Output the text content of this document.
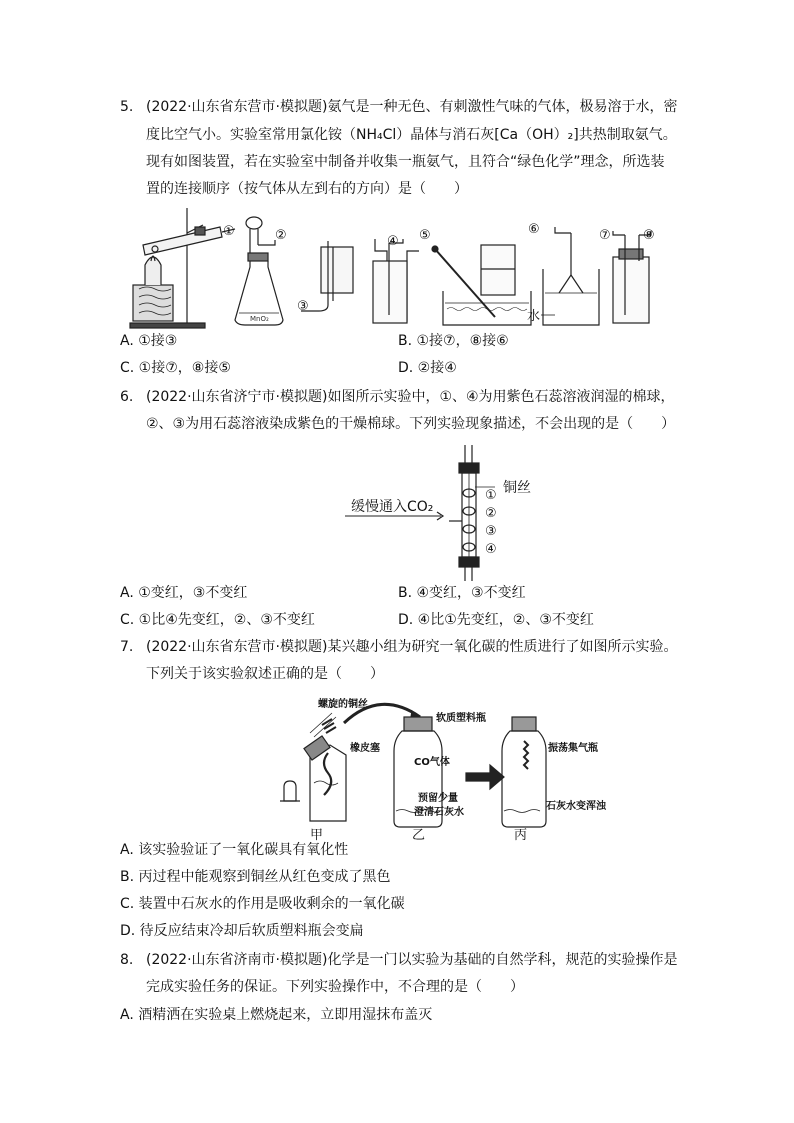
5. (2022·山东省东营市·模拟题)氨气是一种无色、有刺激性气味的气体，极易溶于水，密
度比空气小。实验室常用氯化铵（NH₄Cl）晶体与消石灰[Ca（OH）₂]共热制取氨气。
现有如图装置，若在实验室中制备并收集一瓶氨气，且符合“绿色化学”理念，所选装
置的连接顺序（按气体从左到右的方向）是（　　）
①
MnO₂
②
③
④ ⑤	⑥
水
⑦ ⑧
A. ①接③	B. ①接⑦，⑧接⑥
C. ①接⑦，⑧接⑤	D. ②接④
6. (2022·山东省济宁市·模拟题)如图所示实验中，①、④为用紫色石蕊溶液润湿的棉球，
②、③为用石蕊溶液染成紫色的干燥棉球。下列实验现象描述，不会出现的是（　　）
铜丝
缓慢通入CO₂
①
②
③
④
A. ①变红，③不变红	B. ④变红，③不变红
C. ①比④先变红，②、③不变红	D. ④比①先变红，②、③不变红
7. (2022·山东省东营市·模拟题)某兴趣小组为研究一氧化碳的性质进行了如图所示实验。
下列关于该实验叙述正确的是（　　）
螺旋的铜丝
橡皮塞
甲
软质塑料瓶
CO气体
预留少量
澄清石灰水
乙
振荡集气瓶
石灰水变浑浊
丙
A. 该实验验证了一氧化碳具有氧化性
B. 丙过程中能观察到铜丝从红色变成了黑色
C. 装置中石灰水的作用是吸收剩余的一氧化碳
D. 待反应结束冷却后软质塑料瓶会变扁
8. (2022·山东省济南市·模拟题)化学是一门以实验为基础的自然学科，规范的实验操作是
完成实验任务的保证。下列实验操作中，不合理的是（　　）
A. 酒精洒在实验桌上燃烧起来，立即用湿抹布盖灭
